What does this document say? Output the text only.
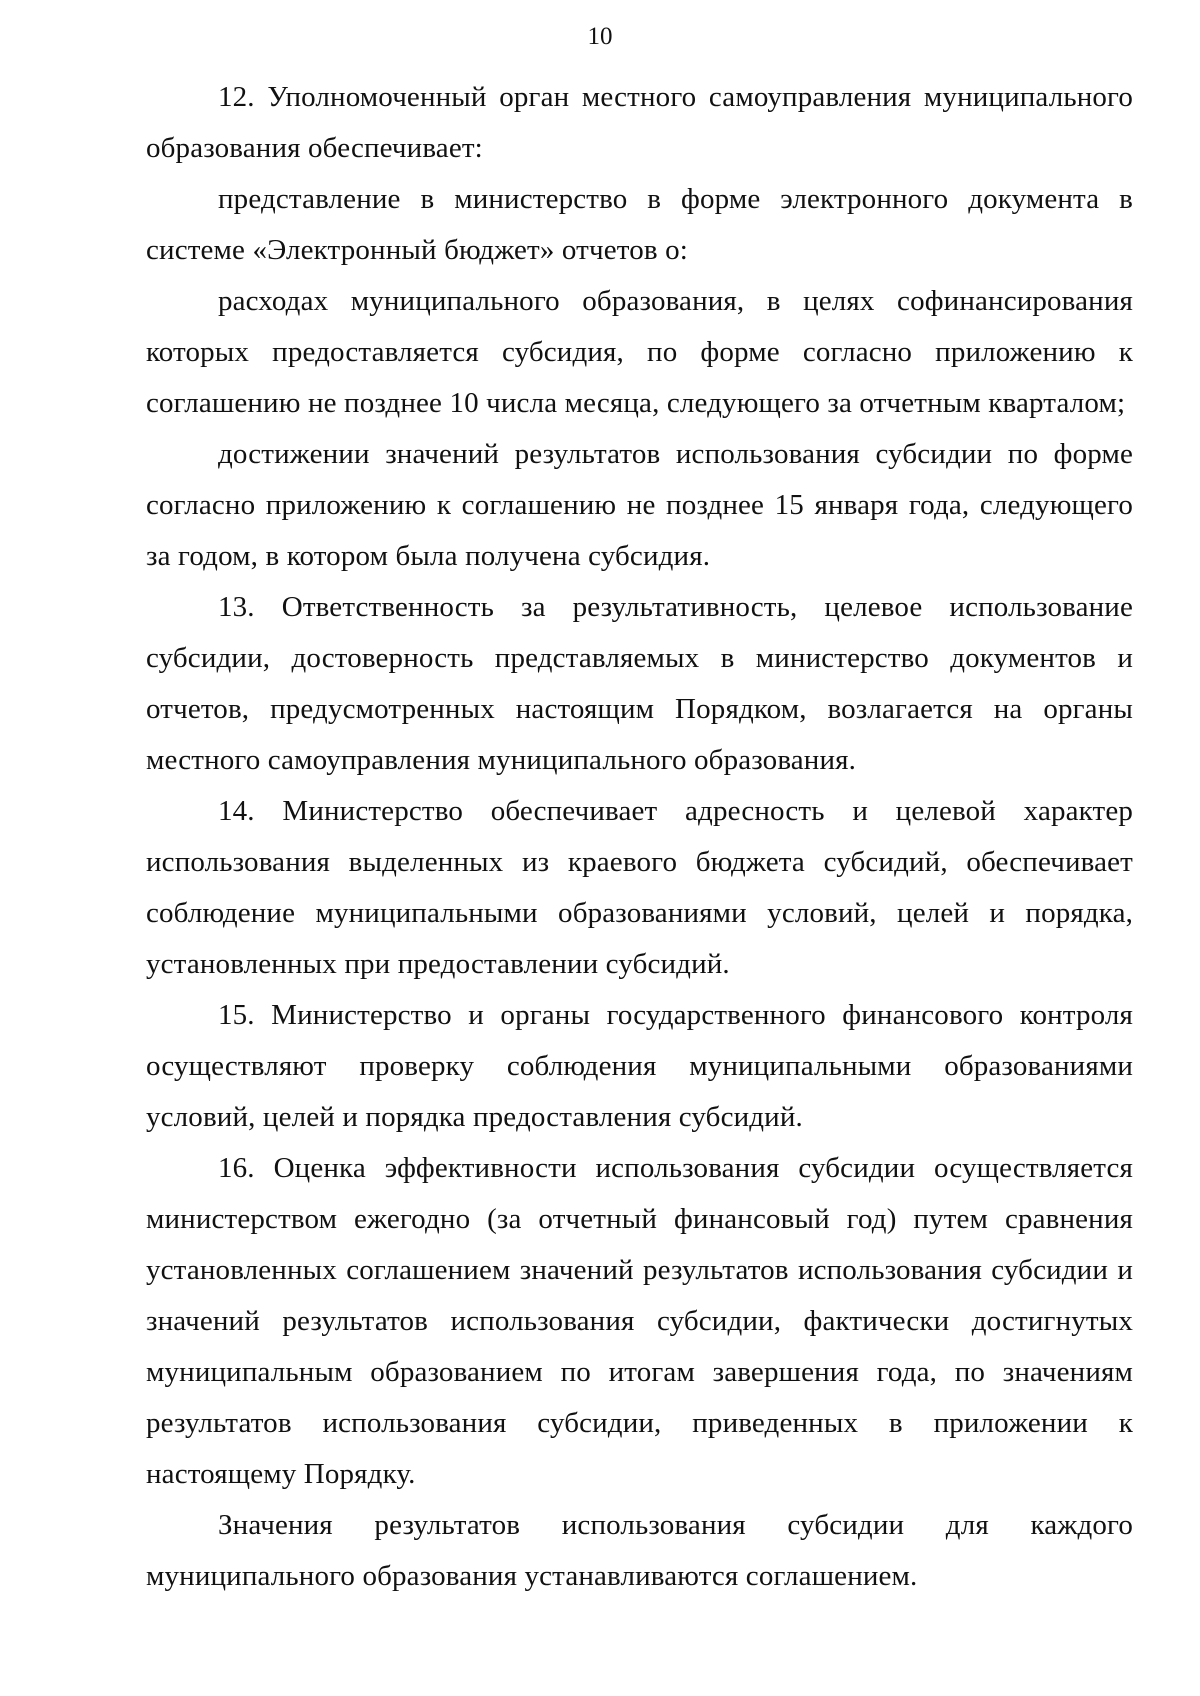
10

12. Уполномоченный орган местного самоуправления муниципального образования обеспечивает:

представление в министерство в форме электронного документа в системе «Электронный бюджет» отчетов о:

расходах муниципального образования, в целях софинансирования которых предоставляется субсидия, по форме согласно приложению к соглашению не позднее 10 числа месяца, следующего за отчетным кварталом;

достижении значений результатов использования субсидии по форме согласно приложению к соглашению не позднее 15 января года, следующего за годом, в котором была получена субсидия.

13. Ответственность за результативность, целевое использование субсидии, достоверность представляемых в министерство документов и отчетов, предусмотренных настоящим Порядком, возлагается на органы местного самоуправления муниципального образования.

14. Министерство обеспечивает адресность и целевой характер использования выделенных из краевого бюджета субсидий, обеспечивает соблюдение муниципальными образованиями условий, целей и порядка, установленных при предоставлении субсидий.

15. Министерство и органы государственного финансового контроля осуществляют проверку соблюдения муниципальными образованиями условий, целей и порядка предоставления субсидий.

16. Оценка эффективности использования субсидии осуществляется министерством ежегодно (за отчетный финансовый год) путем сравнения установленных соглашением значений результатов использования субсидии и значений результатов использования субсидии, фактически достигнутых муниципальным образованием по итогам завершения года, по значениям результатов использования субсидии, приведенных в приложении к настоящему Порядку.

Значения результатов использования субсидии для каждого муниципального образования устанавливаются соглашением.
